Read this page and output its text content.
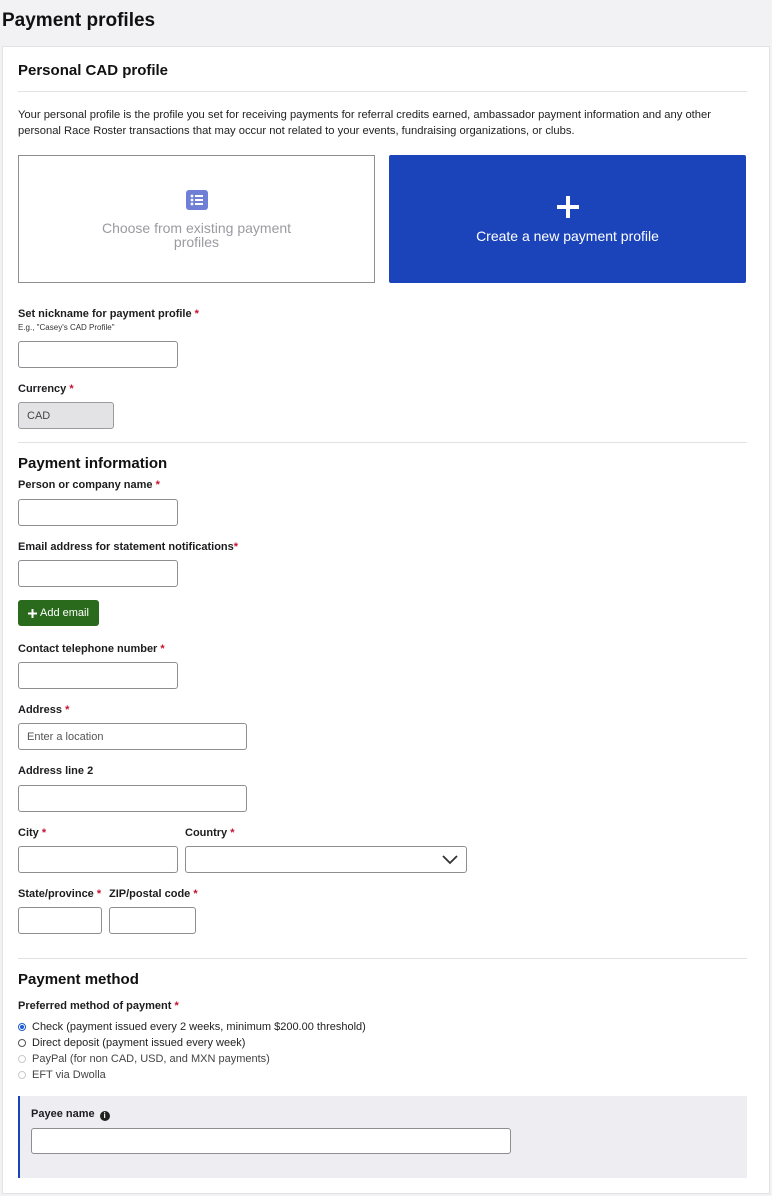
Payment profiles
Personal CAD profile
Your personal profile is the profile you set for receiving payments for referral credits earned, ambassador payment information and any other personal Race Roster transactions that may occur not related to your events, fundraising organizations, or clubs.
Choose from existing payment profiles	Create a new payment profile
Set nickname for payment profile *
E.g., "Casey's CAD Profile"
Currency *
CAD
Payment information
Person or company name *
Email address for statement notifications*
Add email
Contact telephone number *
Address *
Enter a location
Address line 2
City *	Country *
State/province * ZIP/postal code *
Payment method
Preferred method of payment *
Check (payment issued every 2 weeks, minimum $200.00 threshold)
Direct deposit (payment issued every week)
PayPal (for non CAD, USD, and MXN payments)
EFT via Dwolla
Payee name i
